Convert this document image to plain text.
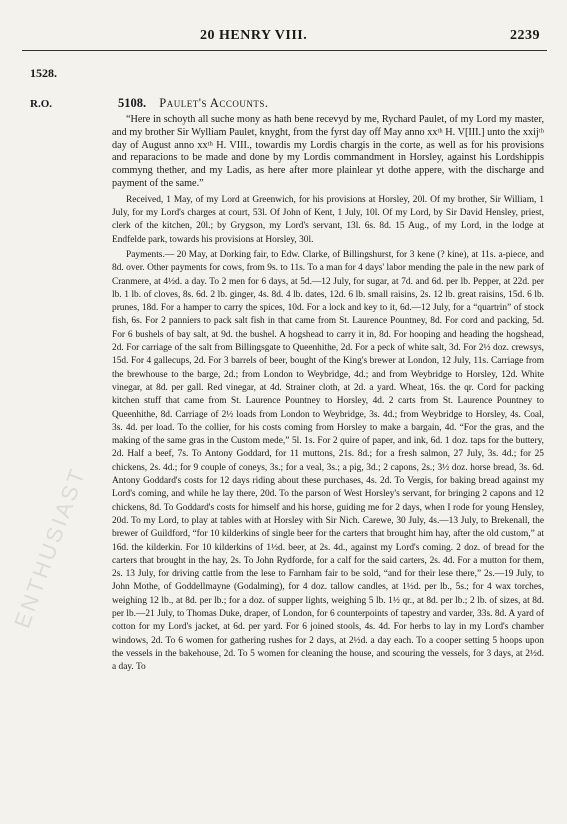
20 HENRY VIII.	2239
1528.
R.O.	5108. Paulet's Accounts.

“Here in schoyth all suche mony as hath bene recevyd by me, Rychard Paulet, of my Lord my master, and my brother Sir Wylliam Paulet, knyght, from the fyrst day off May anno xxᵗʰ H. V[III.] unto the xxijᵗʰ day of August anno xxᵗʰ H. VIII., towardis my Lordis chargis in the corte, as well as for his provisions and reparacions to be made and done by my Lordis commandment in Horsley, against his Lordshippis commyng thether, and my Ladis, as here after more plainlear yt dothe appere, with the discharge and payment of the same.”

Received, 1 May, of my Lord at Greenwich, for his provisions at Horsley, 20l. Of my brother, Sir William, 1 July, for my Lord's charges at court, 53l. Of John of Kent, 1 July, 10l. Of my Lord, by Sir David Hensley, priest, clerk of the kitchen, 20l.; by Grygson, my Lord's servant, 13l. 6s. 8d. 15 Aug., of my Lord, in the lodge at Endfelde park, towards his provisions at Horsley, 30l.

Payments.— 20 May, at Dorking fair, to Edw. Clarke, of Billingshurst, for 3 kene (? kine), at 11s. a-piece, and 8d. over. Other payments for cows, from 9s. to 11s. To a man for 4 days' labor mending the pale in the new park of Cranmere, at 4½d. a day. To 2 men for 6 days, at 5d.—12 July, for sugar, at 7d. and 6d. per lb. Pepper, at 22d. per lb. 1 lb. of cloves, 8s. 6d. 2 lb. ginger, 4s. 8d. 4 lb. dates, 12d. 6 lb. small raisins, 2s. 12 lb. great raisins, 15d. 6 lb. prunes, 18d. For a hamper to carry the spices, 10d. For a lock and key to it, 6d.—12 July, for a “quartrin” of stock fish, 6s. For 2 panniers to pack salt fish in that came from St. Laurence Pountney, 8d. For cord and packing, 5d. For 6 bushels of bay salt, at 9d. the bushel. A hogshead to carry it in, 8d. For hooping and heading the hogshead, 2d. For carriage of the salt from Billingsgate to Queenhithe, 2d. For a peck of white salt, 3d. For 2½ doz. crewsys, 15d. For 4 gallecups, 2d. For 3 barrels of beer, bought of the King's brewer at London, 12 July, 11s. Carriage from the brewhouse to the barge, 2d.; from London to Weybridge, 4d.; and from Weybridge to Horsley, 12d. White vinegar, at 8d. per gall. Red vinegar, at 4d. Strainer cloth, at 2d. a yard. Wheat, 16s. the qr. Cord for packing kitchen stuff that came from St. Laurence Pountney to Horsley, 4d. 2 carts from St. Laurence Pountney to Queenhithe, 8d. Carriage of 2½ loads from London to Weybridge, 3s. 4d.; from Weybridge to Horsley, 4s. Coal, 3s. 4d. per load. To the collier, for his costs coming from Horsley to make a bargain, 4d. “For the gras, and the making of the same gras in the Custom mede,” 5l. 1s. For 2 quire of paper, and ink, 6d. 1 doz. taps for the buttery, 2d. Half a beef, 7s. To Antony Goddard, for 11 muttons, 21s. 8d.; for a fresh salmon, 27 July, 3s. 4d.; for 25 chickens, 2s. 4d.; for 9 couple of coneys, 3s.; for a veal, 3s.; a pig, 3d.; 2 capons, 2s.; 3½ doz. horse bread, 3s. 6d. Antony Goddard's costs for 12 days riding about these purchases, 4s. 2d. To Vergis, for baking bread against my Lord's coming, and while he lay there, 20d. To the parson of West Horsley's servant, for bringing 2 capons and 12 chickens, 8d. To Goddard's costs for himself and his horse, guiding me for 2 days, when I rode for young Hensley, 20d. To my Lord, to play at tables with at Horsley with Sir Nich. Carewe, 30 July, 4s.—13 July, to Brekenall, the brewer of Guildford, “for 10 kilderkins of single beer for the carters that brought him hay, after the old custom,” at 16d. the kilderkin. For 10 kilderkins of 1½d. beer, at 2s. 4d., against my Lord's coming. 2 doz. of bread for the carters that brought in the hay, 2s. To John Rydforde, for a calf for the said carters, 2s. 4d. For a mutton for them, 2s. 13 July, for driving cattle from the lese to Farnham fair to be sold, “and for their lese there,” 2s.—19 July, to John Mothe, of Goddellmayne (Godalming), for 4 doz. tallow candles, at 1½d. per lb., 5s.; for 4 wax torches, weighing 12 lb., at 8d. per lb.; for a doz. of supper lights, weighing 5 lb. 1½ qr., at 8d. per lb.; 2 lb. of sizes, at 8d. per lb.—21 July, to Thomas Duke, draper, of London, for 6 counterpoints of tapestry and varder, 33s. 8d. A yard of cotton for my Lord's jacket, at 6d. per yard. For 6 joined stools, 4s. 4d. For herbs to lay in my Lord's chamber windows, 2d. To 6 women for gathering rushes for 2 days, at 2½d. a day each. To a cooper setting 5 hoops upon the vessels in the bakehouse, 2d. To 5 women for cleaning the house, and scouring the vessels, for 3 days, at 2½d. a day. To

ENTHUSIAST
